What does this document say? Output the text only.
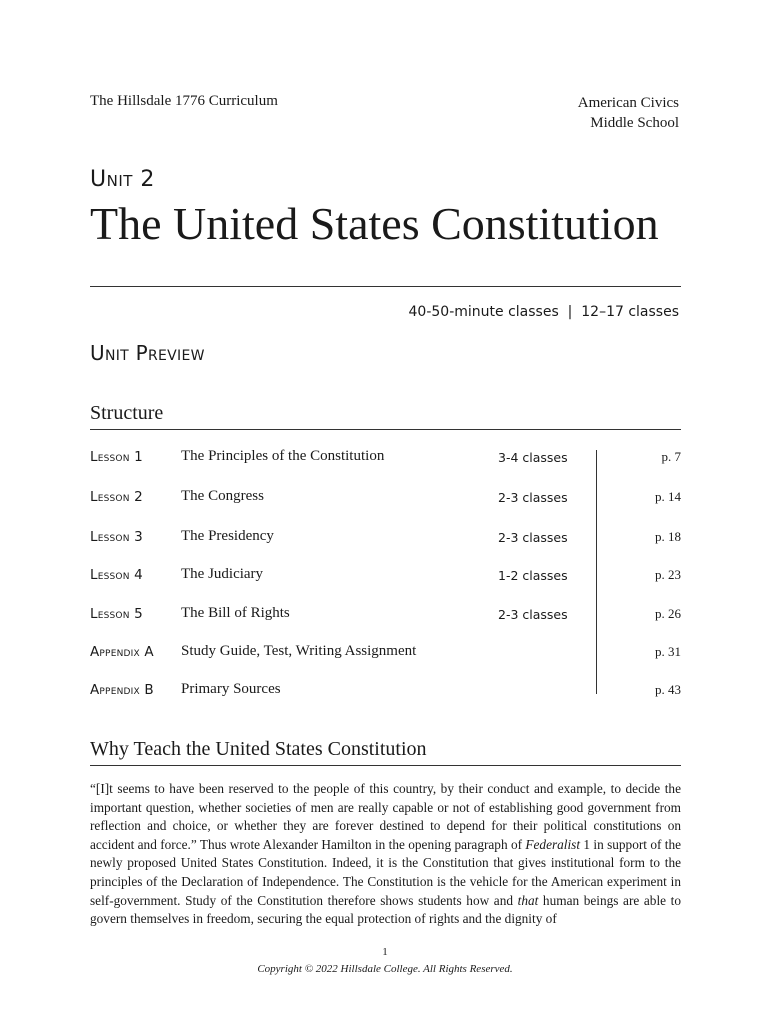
The Hillsdale 1776 Curriculum	American Civics
Middle School
Unit 2
The United States Constitution
40-50-minute classes  |  12–17 classes
Unit Preview
Structure
Lesson 1	The Principles of the Constitution	3-4 classes	p. 7
Lesson 2	The Congress	2-3 classes	p. 14
Lesson 3	The Presidency	2-3 classes	p. 18
Lesson 4	The Judiciary	1-2 classes	p. 23
Lesson 5	The Bill of Rights	2-3 classes	p. 26
Appendix A Study Guide, Test, Writing Assignment	p. 31
Appendix B Primary Sources	p. 43
Why Teach the United States Constitution
“[I]t seems to have been reserved to the people of this country, by their conduct and example, to decide the important question, whether societies of men are really capable or not of establishing good government from reflection and choice, or whether they are forever destined to depend for their political constitutions on accident and force.” Thus wrote Alexander Hamilton in the opening paragraph of Federalist 1 in support of the newly proposed United States Constitution. Indeed, it is the Constitution that gives institutional form to the principles of the Declaration of Independence. The Constitution is the vehicle for the American experiment in self-government. Study of the Constitution therefore shows students how and that human beings are able to govern themselves in freedom, securing the equal protection of rights and the dignity of
1
Copyright © 2022 Hillsdale College. All Rights Reserved.
